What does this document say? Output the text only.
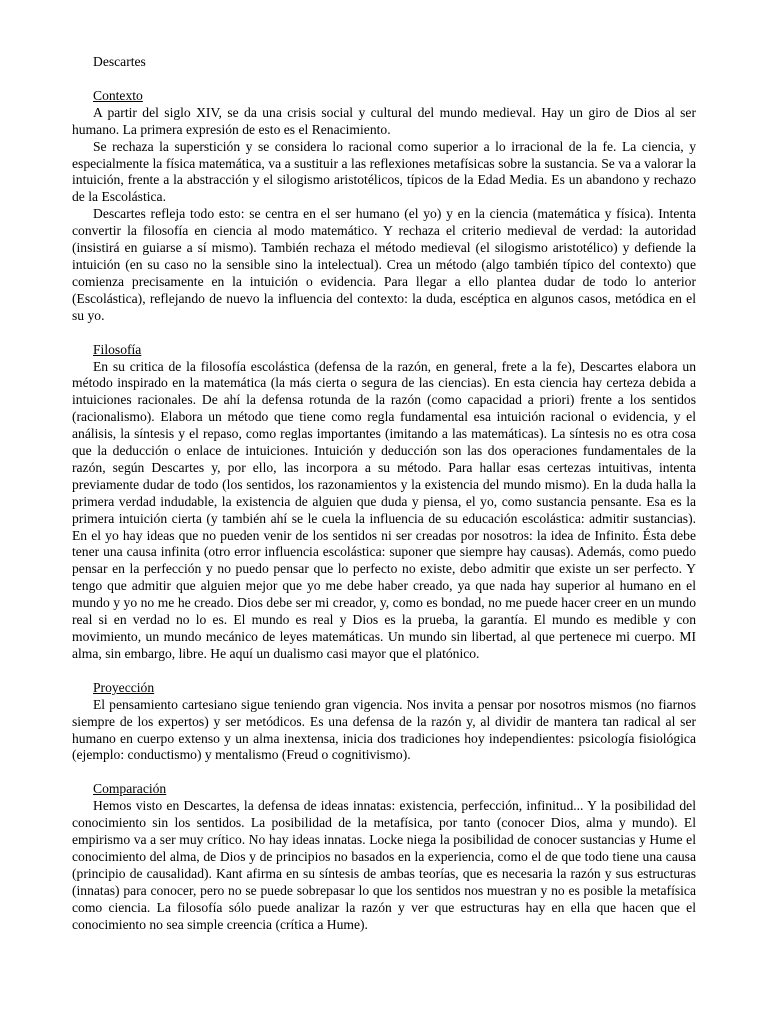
Descartes

Contexto

A partir del siglo XIV, se da una crisis social y cultural del mundo medieval. Hay un giro de Dios al ser humano. La primera expresión de esto es el Renacimiento.

Se rechaza la superstición y se considera lo racional como superior a lo irracional de la fe. La ciencia, y especialmente la física matemática, va a sustituir a las reflexiones metafísicas sobre la sustancia. Se va a valorar la intuición, frente a la abstracción y el silogismo aristotélicos, típicos de la Edad Media. Es un abandono y rechazo de la Escolástica.

Descartes refleja todo esto: se centra en el ser humano (el yo) y en la ciencia (matemática y física). Intenta convertir la filosofía en ciencia al modo matemático. Y rechaza el criterio medieval de verdad: la autoridad (insistirá en guiarse a sí mismo). También rechaza el método medieval (el silogismo aristotélico) y defiende la intuición (en su caso no la sensible sino la intelectual). Crea un método (algo también típico del contexto) que comienza precisamente en la intuición o evidencia. Para llegar a ello plantea dudar de todo lo anterior (Escolástica), reflejando de nuevo la influencia del contexto: la duda, escéptica en algunos casos, metódica en el su yo.

Filosofía

En su critica de la filosofía escolástica (defensa de la razón, en general, frete a la fe), Descartes elabora un método inspirado en la matemática (la más cierta o segura de las ciencias). En esta ciencia hay certeza debida a intuiciones racionales. De ahí la defensa rotunda de la razón (como capacidad a priori) frente a los sentidos (racionalismo). Elabora un método que tiene como regla fundamental esa intuición racional o evidencia, y el análisis, la síntesis y el repaso, como reglas importantes (imitando a las matemáticas). La síntesis no es otra cosa que la deducción o enlace de intuiciones. Intuición y deducción son las dos operaciones fundamentales de la razón, según Descartes y, por ello, las incorpora a su método. Para hallar esas certezas intuitivas, intenta previamente dudar de todo (los sentidos, los razonamientos y la existencia del mundo mismo). En la duda halla la primera verdad indudable, la existencia de alguien que duda y piensa, el yo, como sustancia pensante. Esa es la primera intuición cierta (y también ahí se le cuela la influencia de su educación escolástica: admitir sustancias). En el yo hay ideas que no pueden venir de los sentidos ni ser creadas por nosotros: la idea de Infinito. Ésta debe tener una causa infinita (otro error influencia escolástica: suponer que siempre hay causas). Además, como puedo pensar en la perfección y no puedo pensar que lo perfecto no existe, debo admitir que existe un ser perfecto. Y tengo que admitir que alguien mejor que yo me debe haber creado, ya que nada hay superior al humano en el mundo y yo no me he creado. Dios debe ser mi creador, y, como es bondad, no me puede hacer creer en un mundo real si en verdad no lo es. El mundo es real y Dios es la prueba, la garantía. El mundo es medible y con movimiento, un mundo mecánico de leyes matemáticas. Un mundo sin libertad, al que pertenece mi cuerpo. MI alma, sin embargo, libre. He aquí un dualismo casi mayor que el platónico.

Proyección

El pensamiento cartesiano sigue teniendo gran vigencia. Nos invita a pensar por nosotros mismos (no fiarnos siempre de los expertos) y ser metódicos. Es una defensa de la razón y, al dividir de mantera tan radical al ser humano en cuerpo extenso y un alma inextensa, inicia dos tradiciones hoy independientes: psicología fisiológica (ejemplo: conductismo) y mentalismo (Freud o cognitivismo).

Comparación

Hemos visto en Descartes, la defensa de ideas innatas: existencia, perfección, infinitud... Y la posibilidad del conocimiento sin los sentidos. La posibilidad de la metafísica, por tanto (conocer Dios, alma y mundo). El empirismo va a ser muy crítico. No hay ideas innatas. Locke niega la posibilidad de conocer sustancias y Hume el conocimiento del alma, de Dios y de principios no basados en la experiencia, como el de que todo tiene una causa (principio de causalidad). Kant afirma en su síntesis de ambas teorías, que es necesaria la razón y sus estructuras (innatas) para conocer, pero no se puede sobrepasar lo que los sentidos nos muestran y no es posible la metafísica como ciencia. La filosofía sólo puede analizar la razón y ver que estructuras hay en ella que hacen que el conocimiento no sea simple creencia (crítica a Hume).
